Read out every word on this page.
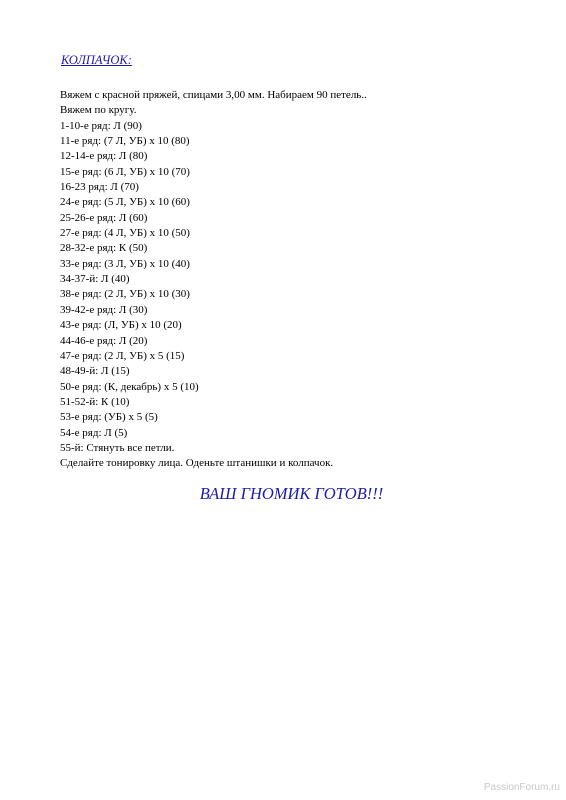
КОЛПАЧОК:
Вяжем с красной пряжей, спицами 3,00 мм. Набираем 90 петель..
Вяжем по кругу.
1-10-е ряд: Л (90)
11-е ряд: (7 Л, УБ) х 10 (80)
12-14-е ряд: Л (80)
15-е ряд: (6 Л, УБ) х 10 (70)
16-23 ряд: Л (70)
24-е ряд: (5 Л, УБ) х 10 (60)
25-26-е ряд: Л (60)
27-е ряд: (4 Л, УБ) х 10 (50)
28-32-е ряд: К (50)
33-е ряд: (3 Л, УБ) х 10 (40)
34-37-й: Л (40)
38-е ряд: (2 Л, УБ) х 10 (30)
39-42-е ряд: Л (30)
43-е ряд: (Л, УБ) х 10 (20)
44-46-е ряд: Л (20)
47-е ряд: (2 Л, УБ) х 5 (15)
48-49-й: Л (15)
50-е ряд: (К, декабрь) х 5 (10)
51-52-й: К (10)
53-е ряд: (УБ) х 5 (5)
54-е ряд: Л (5)
55-й: Стянуть все петли.
Сделайте тонировку лица. Оденьте штанишки и колпачок.
ВАШ ГНОМИК ГОТОВ!!!
PassionForum.ru
